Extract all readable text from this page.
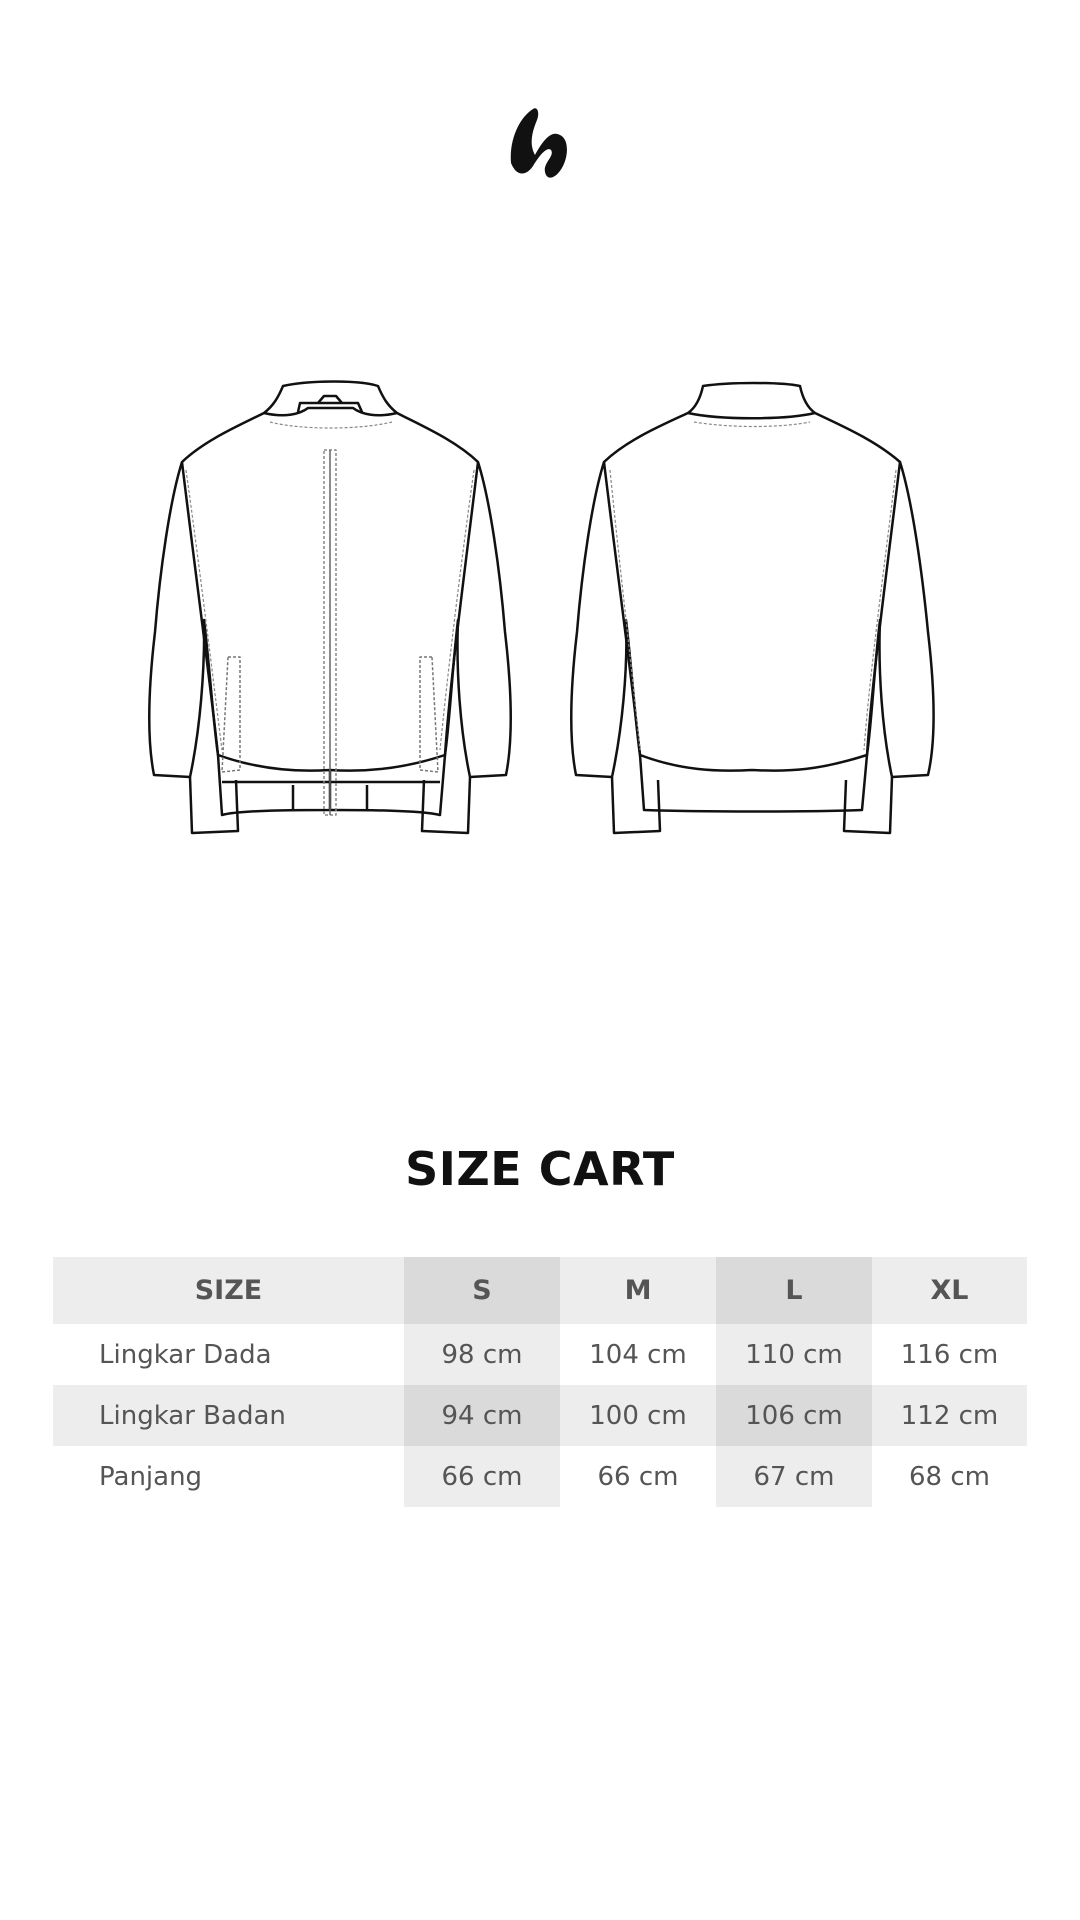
SIZE CART
SIZE	S	M	L	XL
Lingkar Dada	98 cm	104 cm	110 cm	116 cm
Lingkar Badan	94 cm	100 cm	106 cm	112 cm
Panjang	66 cm	66 cm	67 cm	68 cm
